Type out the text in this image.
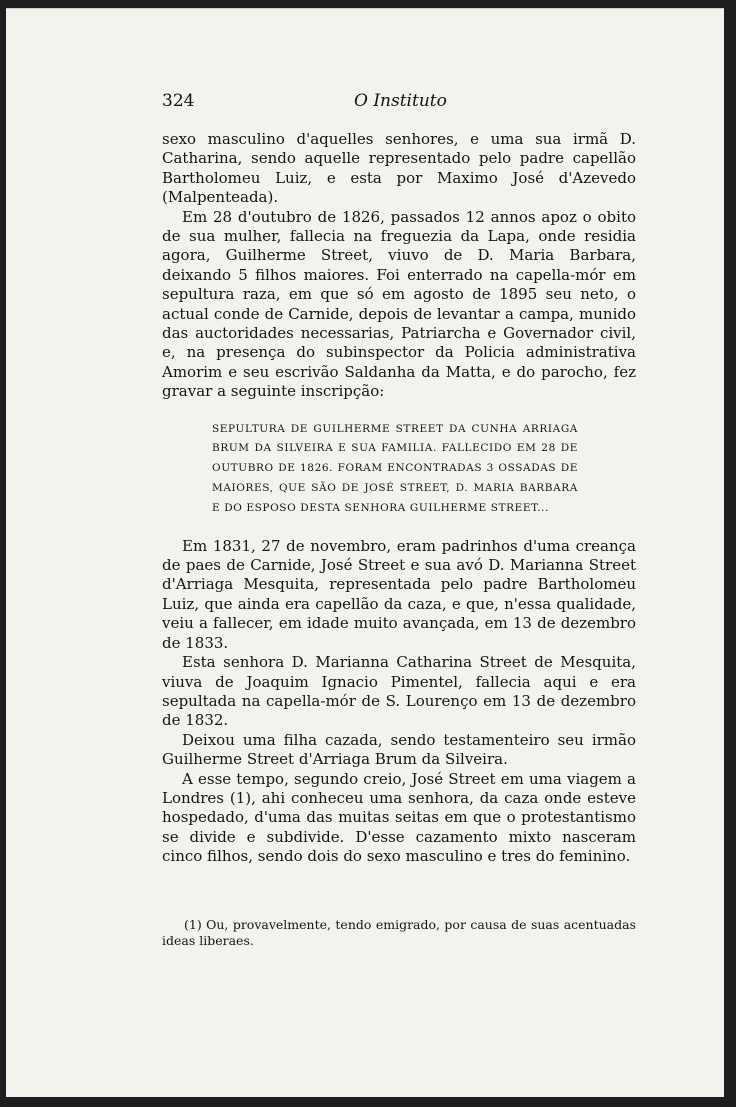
324	O Instituto

sexo masculino d'aquelles senhores, e uma sua irmã D. Catharina, sendo aquelle representado pelo padre capellão Bartholomeu Luiz, e esta por Maximo José d'Azevedo (Malpenteada).

Em 28 d'outubro de 1826, passados 12 annos apoz o obito de sua mulher, fallecia na freguezia da Lapa, onde residia agora, Guilherme Street, viuvo de D. Maria Barbara, deixando 5 filhos maiores. Foi enterrado na capella-mór em sepultura raza, em que só em agosto de 1895 seu neto, o actual conde de Carnide, depois de levantar a campa, munido das auctoridades necessarias, Patriarcha e Governador civil, e, na presença do subinspector da Policia administrativa Amorim e seu escrivão Saldanha da Matta, e do parocho, fez gravar a seguinte inscripção:

SEPULTURA DE GUILHERME STREET DA CUNHA ARRIAGA BRUM DA SILVEIRA E SUA FAMILIA. FALLECIDO EM 28 DE OUTUBRO DE 1826. FORAM ENCONTRADAS 3 OSSADAS DE MAIORES, QUE SÃO DE JOSÉ STREET, D. MARIA BARBARA E DO ESPOSO DESTA SENHORA GUILHERME STREET...

Em 1831, 27 de novembro, eram padrinhos d'uma creança de paes de Carnide, José Street e sua avó D. Marianna Street d'Arriaga Mesquita, representada pelo padre Bartholomeu Luiz, que ainda era capellão da caza, e que, n'essa qualidade, veiu a fallecer, em idade muito avançada, em 13 de dezembro de 1833.

Esta senhora D. Marianna Catharina Street de Mesquita, viuva de Joaquim Ignacio Pimentel, fallecia aqui e era sepultada na capella-mór de S. Lourenço em 13 de dezembro de 1832.

Deixou uma filha cazada, sendo testamenteiro seu irmão Guilherme Street d'Arriaga Brum da Silveira.

A esse tempo, segundo creio, José Street em uma viagem a Londres (1), ahi conheceu uma senhora, da caza onde esteve hospedado, d'uma das muitas seitas em que o protestantismo se divide e subdivide. D'esse cazamento mixto nasceram cinco filhos, sendo dois do sexo masculino e tres do feminino.

(1) Ou, provavelmente, tendo emigrado, por causa de suas acentuadas ideas liberaes.
